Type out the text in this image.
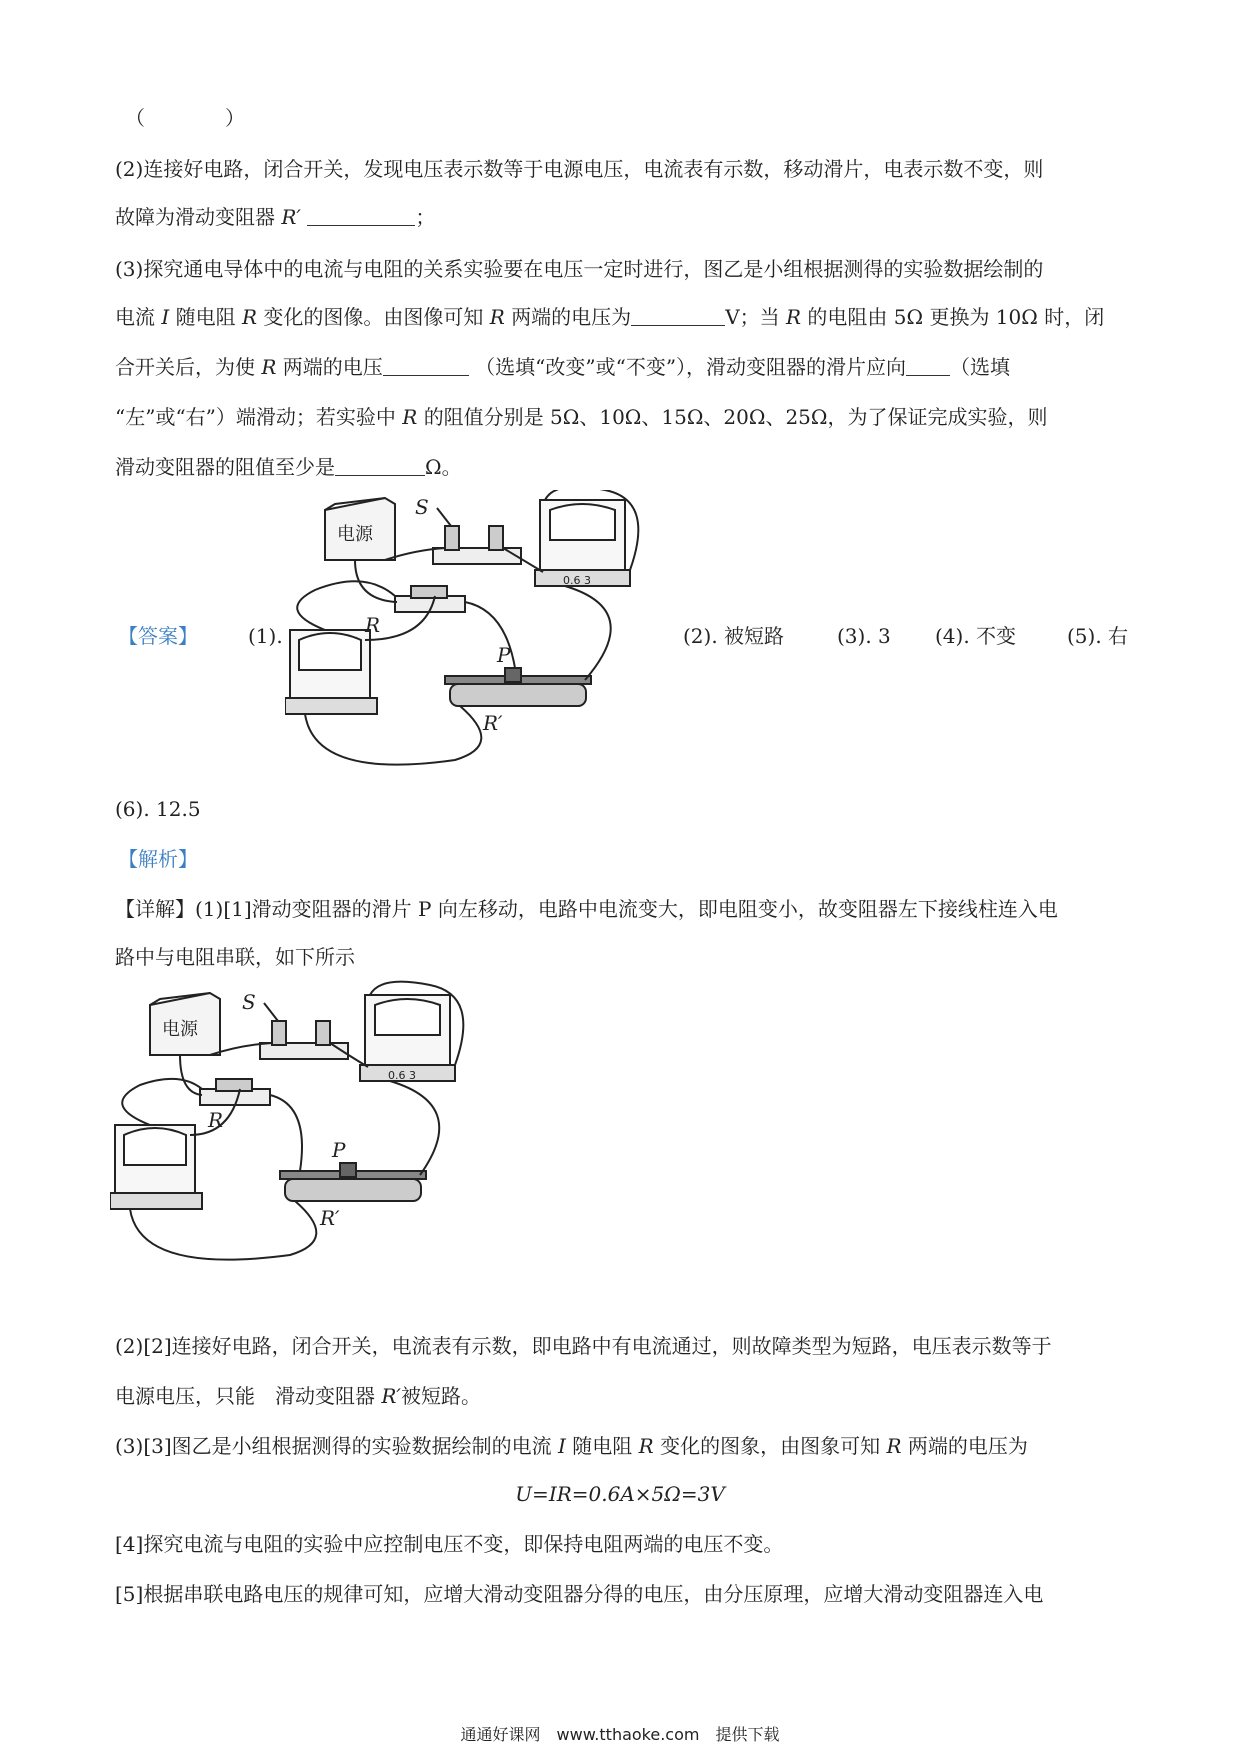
（　　　　）
(2)连接好电路，闭合开关，发现电压表示数等于电源电压，电流表有示数，移动滑片，电表示数不变，则
故障为滑动变阻器 R′	；
(3)探究通电导体中的电流与电阻的关系实验要在电压一定时进行，图乙是小组根据测得的实验数据绘制的
电流 I 随电阻 R 变化的图像。由图像可知 R 两端的电压为	V；当 R 的电阻由 5Ω 更换为 10Ω 时，闭
合开关后，为使 R 两端的电压	（选填“改变”或“不变”），滑动变阻器的滑片应向 （选填
“左”或“右”）端滑动；若实验中 R 的阻值分别是 5Ω、10Ω、15Ω、20Ω、25Ω，为了保证完成实验，则
滑动变阻器的阻值至少是	Ω。
【答案】	(1).	(2). 被短路	(3). 3 (4). 不变	(5). 右
电源
S
R
P
R′
0.6 3
(6). 12.5
【解析】
【详解】(1)[1]滑动变阻器的滑片 P 向左移动，电路中电流变大，即电阻变小，故变阻器左下接线柱连入电
路中与电阻串联，如下所示
电源
S
R
P
R′
0.6 3
(2)[2]连接好电路，闭合开关，电流表有示数，即电路中有电流通过，则故障类型为短路，电压表示数等于
电源电压，只能　滑动变阻器 R′被短路。
(3)[3]图乙是小组根据测得的实验数据绘制的电流 I 随电阻 R 变化的图象，由图象可知 R 两端的电压为
U=IR=0.6A×5Ω=3V
[4]探究电流与电阻的实验中应控制电压不变，即保持电阻两端的电压不变。
[5]根据串联电路电压的规律可知，应增大滑动变阻器分得的电压，由分压原理，应增大滑动变阻器连入电
通通好课网　www.tthaoke.com　提供下载
